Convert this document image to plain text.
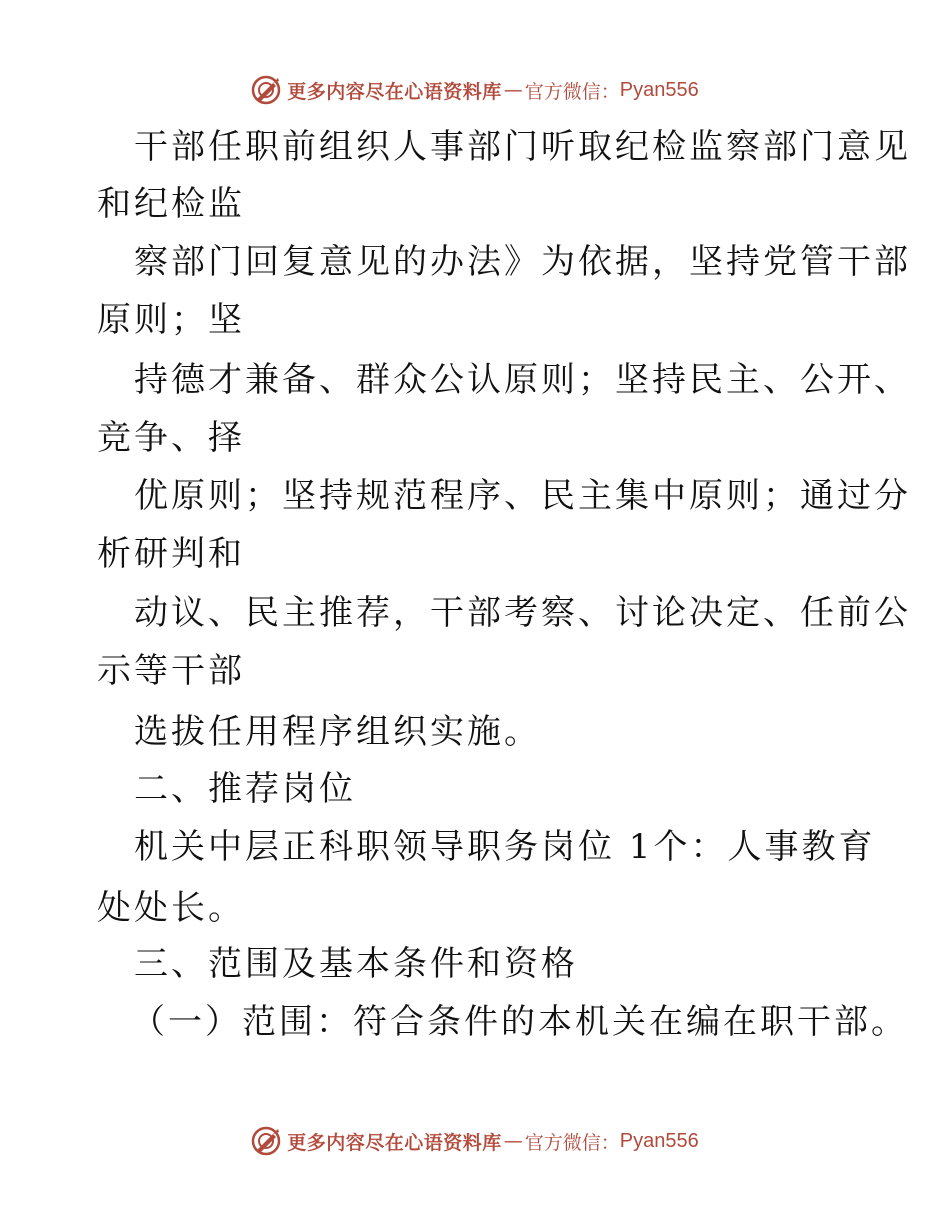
更多内容尽在心语资料库 — 官方微信： Pyan556
干部任职前组织人事部门听取纪检监察部门意见
和纪检监
察部门回复意见的办法》为依据，坚持党管干部
原则；坚
持德才兼备、群众公认原则；坚持民主、公开、
竞争、择
优原则；坚持规范程序、民主集中原则；通过分
析研判和
动议、民主推荐，干部考察、讨论决定、任前公
示等干部
选拔任用程序组织实施。
二、推荐岗位
机关中层正科职领导职务岗位 1个：人事教育
处处长。
三、范围及基本条件和资格
（一）范围：符合条件的本机关在编在职干部。
更多内容尽在心语资料库 — 官方微信： Pyan556
